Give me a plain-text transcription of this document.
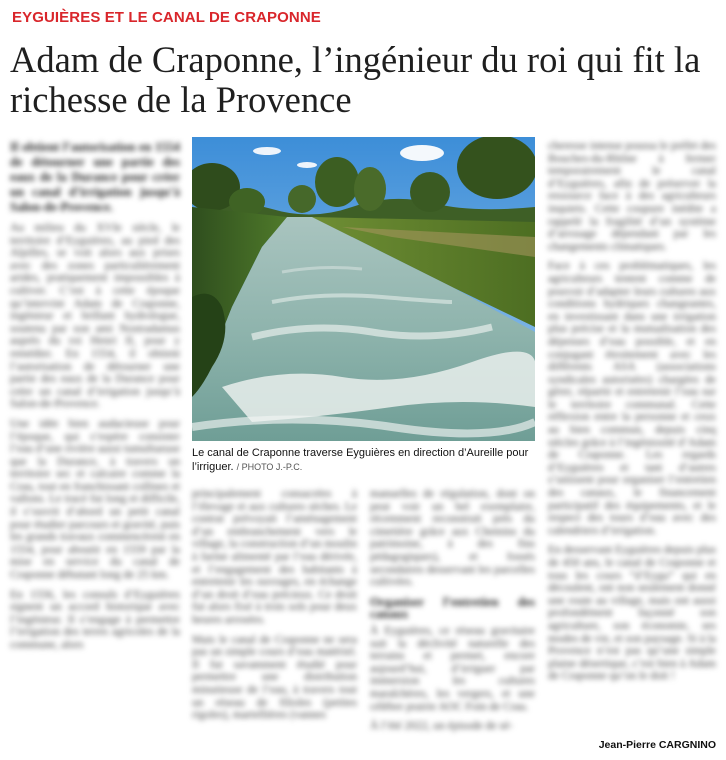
EYGUIÈRES ET LE CANAL DE CRAPONNE
Adam de Craponne, l’ingénieur du roi qui fit la richesse de la Provence

Il obtient l’autorisation en 1554 de détourner une partie des eaux de la Durance pour créer un canal d’irrigation jusqu’à Salon-de-Provence.

Au milieu du XVIe siècle, le territoire d’Eyguières, au pied des Alpilles, se voit alors aux prises avec des zones particulièrement arides, pratiquement impossibles à cultiver. C’est à cette époque qu’intervint Adam de Craponne, ingénieur et brillant hydrologue, soutenu par son ami Nostradamus auprès du roi Henri II, pour y remédier. En 1554, il obtient l’autorisation de détourner une partie des eaux de la Durance pour créer un canal d’irrigation jusqu’à Salon-de-Provence.

Une idée bien audacieuse pour l’époque, qui s’espère consister l’eau d’une rivière aussi tumultueuse que la Durance, à travers un territoire sec et calcaire comme la Crau, tout en franchissant collines et vallons. Le tracé fut long et difficile, il s’ouvrit d’abord un petit canal pour étudier parcours et gravité, puis les grands travaux commencèrent en 1554, pour aboutir en 1559 par la mise en service du canal de Craponne débutant long de 25 km.

En 1556, les consuls d’Eyguières signent un accord historique avec l’ingénieur. Il s’engage à permettre l’irrigation des terres agricoles de la commune, alors

Le canal de Craponne traverse Eyguières en direction d’Aureille pour l’irriguer. / PHOTO J.-P.C.

principalement consacrées à l’élevage et aux cultures sèches. Le contrat prévoyait l’aménagement d’un embranchement vers le village, la construction d’un moulin à farine alimenté par l’eau dérivée, et l’engagement des habitants à entretenir les ouvrages, en échange d’un droit d’eau précieux. Ce droit fut alors fixé à trois sols pour deux heures arrosées.

Mais le canal de Craponne ne sera pas un simple cours d’eau matériel. Il fut savamment étudié pour permettre une distribution minutieuse de l’eau, à travers tout un réseau de filioles (petites rigoles), martellières (vannes

manuelles de régulation, dont on peut voir un bel exemplaire, récemment reconstruit près du cimetière grâce aux Chemins du patrimoine, à des fins pédagogiques), et fossés secondaires desservant les parcelles cultivées.

Organiser l’entretien des canaux

À Eyguières, ce réseau gravitaire suit la déclivité naturelle des terrains et permet, encore aujourd’hui, d’irriguer par immersion les cultures maraîchères, les vergers, et une célèbre prairie AOC Foin de Crau.

À l’été 2022, un épisode de sé-

cheresse intense poussa le préfet des Bouches-du-Rhône à fermer temporairement le canal d’Eyguières, afin de préserver la ressource face à des agriculteurs inquiets. Cette coupure inédite a rappelé la fragilité d’un système d’arrosage dépendant par les changements climatiques.

Face à ces problématiques, les agriculteurs tentent comme de pouvoir d’adapter leurs cultures aux conditions hydriques changeantes, en investissant dans une irrigation plus précise et la mutualisation des dépenses d’eau possible, et en conjugant étroitement avec les différents ASA (associations syndicales autorisées) chargées de gérer, répartir et entretenir l’eau sur le territoire communal. Cette réflexion entre la personne et ceux au bien commun, depuis cinq siècles grâce à l’ingéniosité d’Adam de Craponne. Les regards d’Eyguières et tant d’autres s’unissent pour organiser l’entretien des canaux, le financement participatif des équipements, et le respect des tours d’eau avec des calendriers d’irrigation.

En desservant Eyguières depuis plus de 450 ans, le canal de Craponne et tous les cours “d’Eygu” qui en découlent, ont non seulement donné une route au village, mais ont aussi profondément façonné son agriculture, son économie, ses modes de vie, et son paysage. Si à la Provence n’est pas qu’une simple plaine désertique, c’est bien à Adam de Craponne qu’on le doit !

Jean-Pierre CARGNINO
